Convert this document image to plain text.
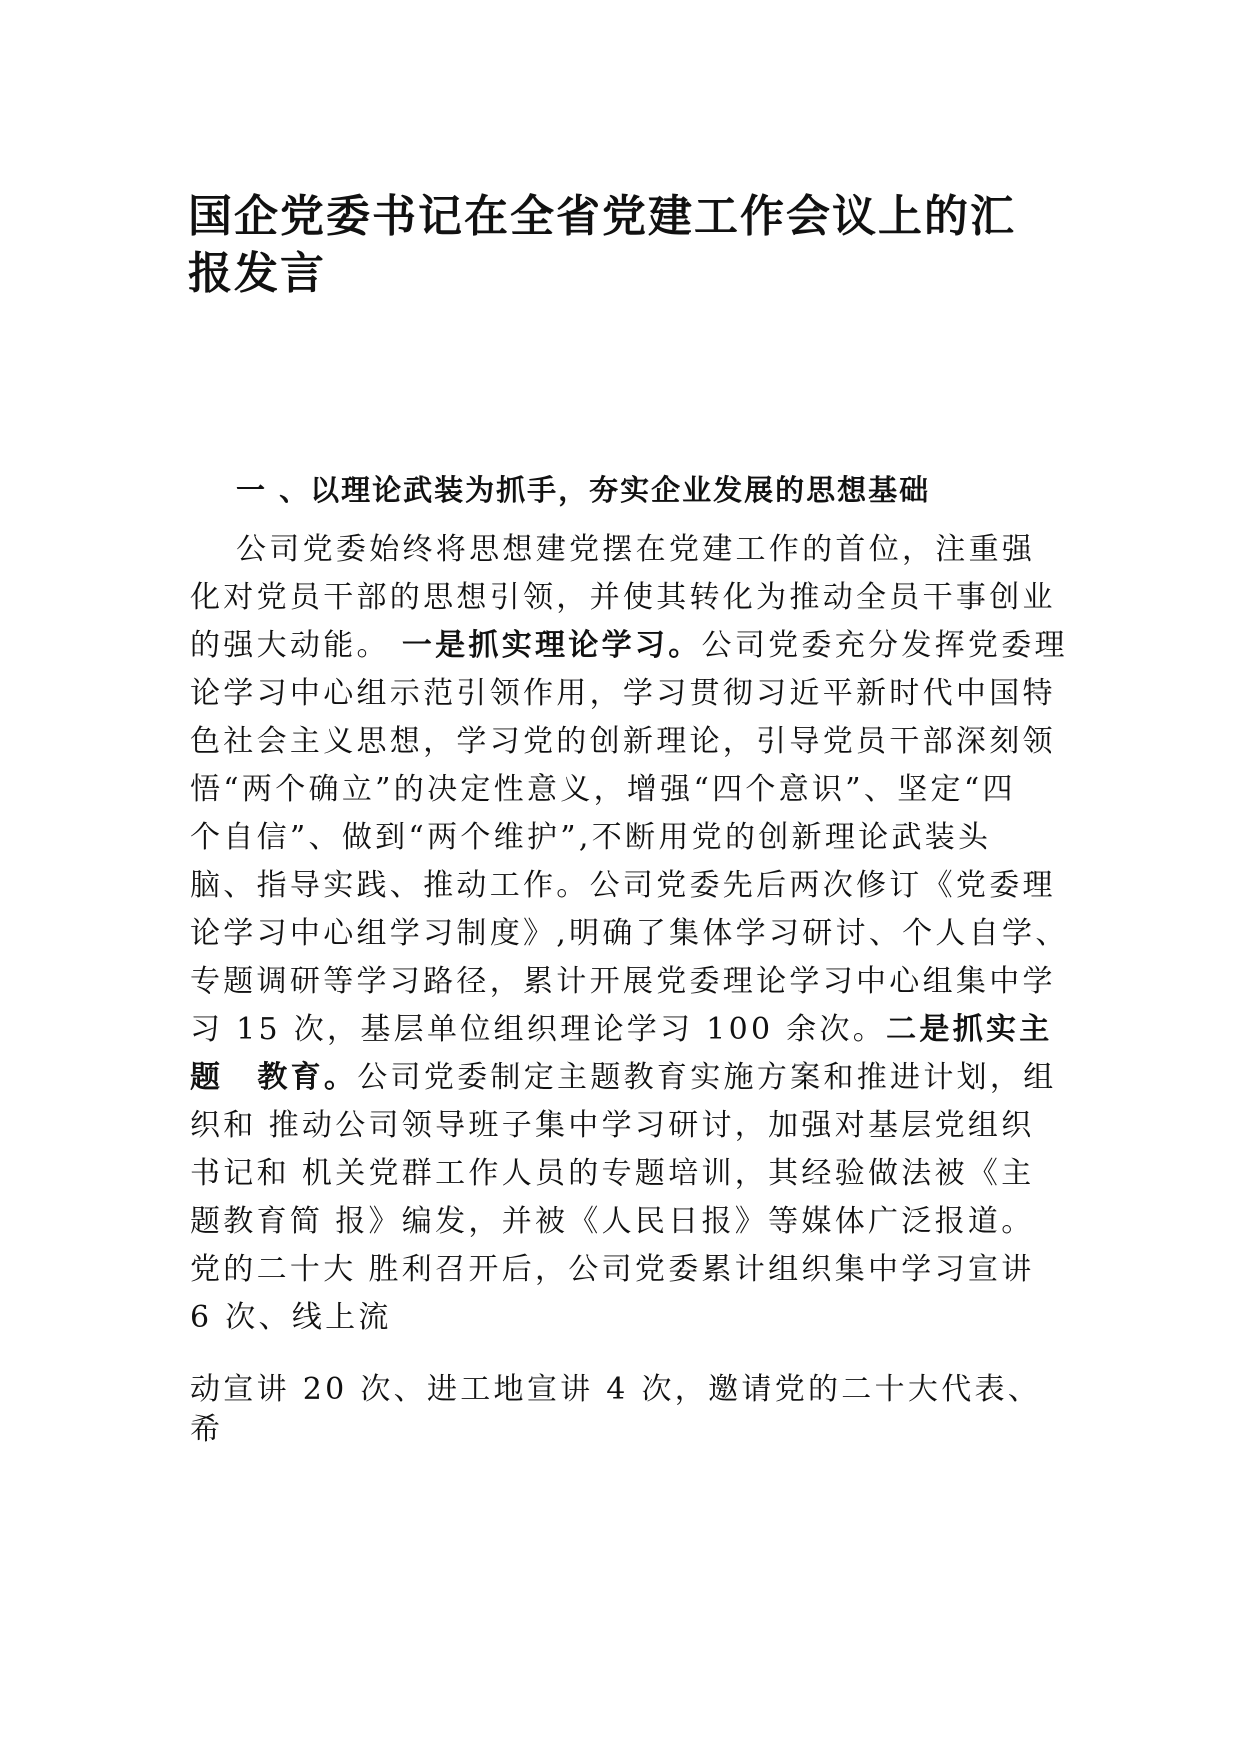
国企党委书记在全省党建工作会议上的汇报发言
一 、以理论武装为抓手，夯实企业发展的思想基础

公司党委始终将思想建党摆在党建工作的首位，注重强

化对党员干部的思想引领，并使其转化为推动全员干事创业

的强大动能。 一是抓实理论学习。公司党委充分发挥党委理

论学习中心组示范引领作用，学习贯彻习近平新时代中国特

色社会主义思想，学习党的创新理论，引导党员干部深刻领

悟“两个确立”的决定性意义，增强“四个意识”、坚定“四

个自信”、做到“两个维护”,不断用党的创新理论武装头

脑、指导实践、推动工作。公司党委先后两次修订《党委理

论学习中心组学习制度》,明确了集体学习研讨、个人自学、

专题调研等学习路径，累计开展党委理论学习中心组集中学

习 15 次，基层单位组织理论学习 100 余次。二是抓实主

题 教育。公司党委制定主题教育实施方案和推进计划，组

织和 推动公司领导班子集中学习研讨，加强对基层党组织

书记和 机关党群工作人员的专题培训，其经验做法被《主

题教育简 报》编发，并被《人民日报》等媒体广泛报道。

党的二十大 胜利召开后，公司党委累计组织集中学习宣讲

6 次、线上流

动宣讲 20 次、进工地宣讲 4 次，邀请党的二十大代表、

希
